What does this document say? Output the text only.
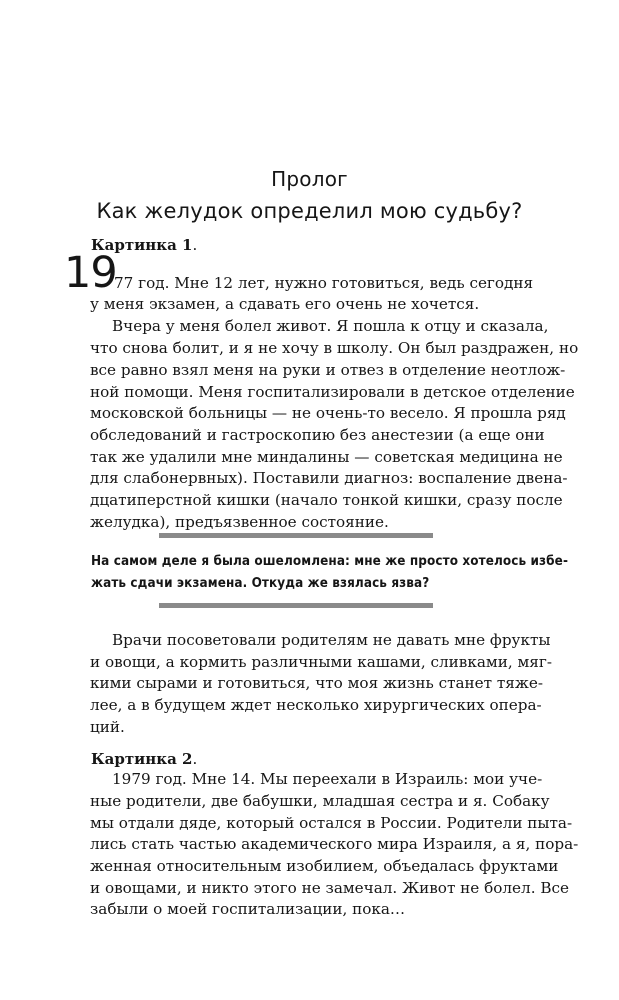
Пролог
Как желудок определил мою судьбу?
Картинка 1.
19
77 год. Мне 12 лет, нужно готовиться, ведь сегодня
у меня экзамен, а сдавать его очень не хочется.
Вчера у меня болел живот. Я пошла к отцу и сказала,
что снова болит, и я не хочу в школу. Он был раздражен, но
все равно взял меня на руки и отвез в отделение неотлож-
ной помощи. Меня госпитализировали в детское отделение
московской больницы — не очень-то весело. Я прошла ряд
обследований и гастроскопию без анестезии (а еще они
так же удалили мне миндалины — советская медицина не
для слабонервных). Поставили диагноз: воспаление двена-
дцатиперстной кишки (начало тонкой кишки, сразу после
желудка), предъязвенное состояние.
На самом деле я была ошеломлена: мне же просто хотелось избе-
жать сдачи экзамена. Откуда же взялась язва?
Врачи посоветовали родителям не давать мне фрукты
и овощи, а кормить различными кашами, сливками, мяг-
кими сырами и готовиться, что моя жизнь станет тяже-
лее, а в будущем ждет несколько хирургических опера-
ций.
Картинка 2.
1979 год. Мне 14. Мы переехали в Израиль: мои уче-
ные родители, две бабушки, младшая сестра и я. Собаку
мы отдали дяде, который остался в России. Родители пыта-
лись стать частью академического мира Израиля, а я, пора-
женная относительным изобилием, объедалась фруктами
и овощами, и никто этого не замечал. Живот не болел. Все
забыли о моей госпитализации, пока…
